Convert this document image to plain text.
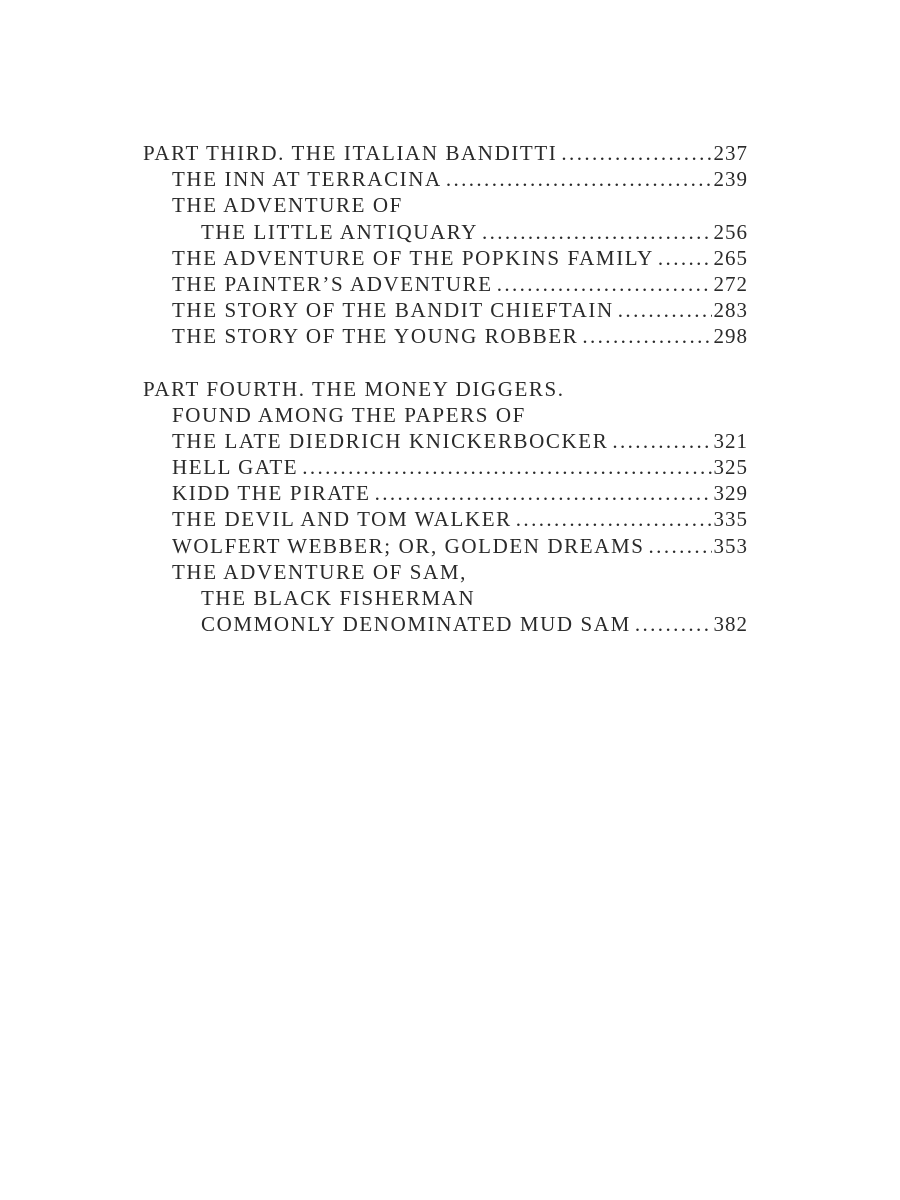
PART THIRD. THE ITALIAN BANDITTI .....	237
THE INN AT TERRACINA .....	239
THE ADVENTURE OF
THE LITTLE ANTIQUARY .....	256
THE ADVENTURE OF THE POPKINS FAMILY .....	265
THE PAINTER’S ADVENTURE .....	272
THE STORY OF THE BANDIT CHIEFTAIN .....	283
THE STORY OF THE YOUNG ROBBER .....	298
PART FOURTH. THE MONEY DIGGERS.
FOUND AMONG THE PAPERS OF
THE LATE DIEDRICH KNICKERBOCKER .....	321
HELL GATE .....	325
KIDD THE PIRATE .....	329
THE DEVIL AND TOM WALKER .....	335
WOLFERT WEBBER; OR, GOLDEN DREAMS .....	353
THE ADVENTURE OF SAM,
THE BLACK FISHERMAN
COMMONLY DENOMINATED MUD SAM .....	382
